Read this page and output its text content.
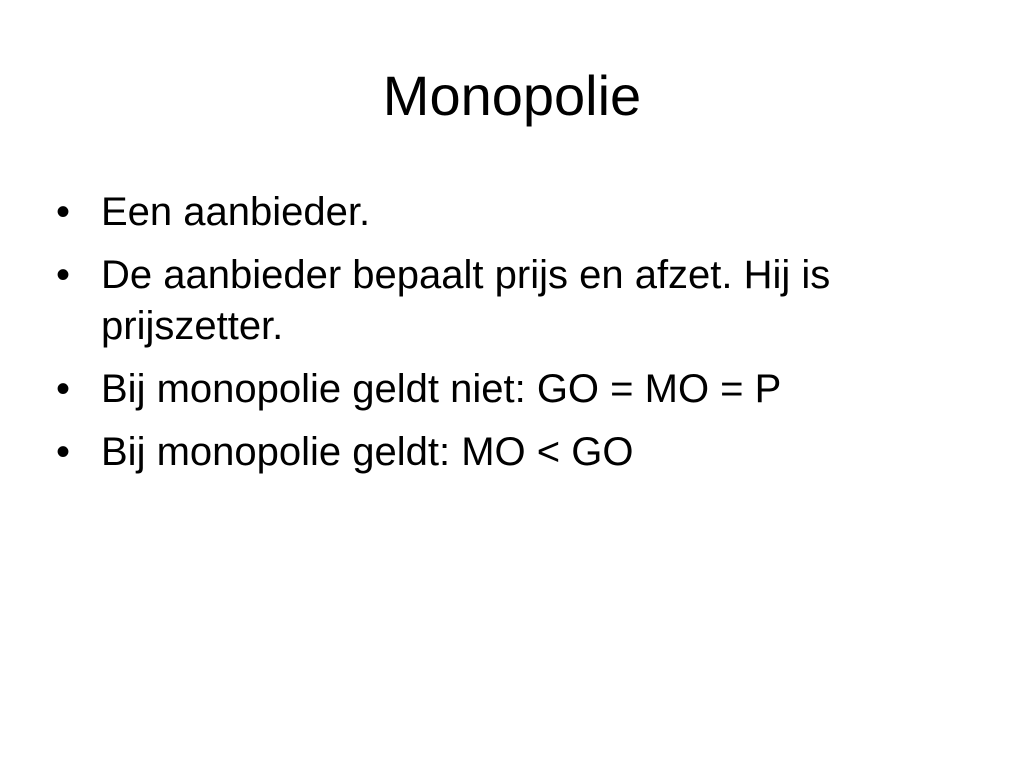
Monopolie
• Een aanbieder.
• De aanbieder bepaalt prijs en afzet. Hij is prijszetter.
• Bij monopolie geldt niet: GO = MO = P
• Bij monopolie geldt: MO < GO
